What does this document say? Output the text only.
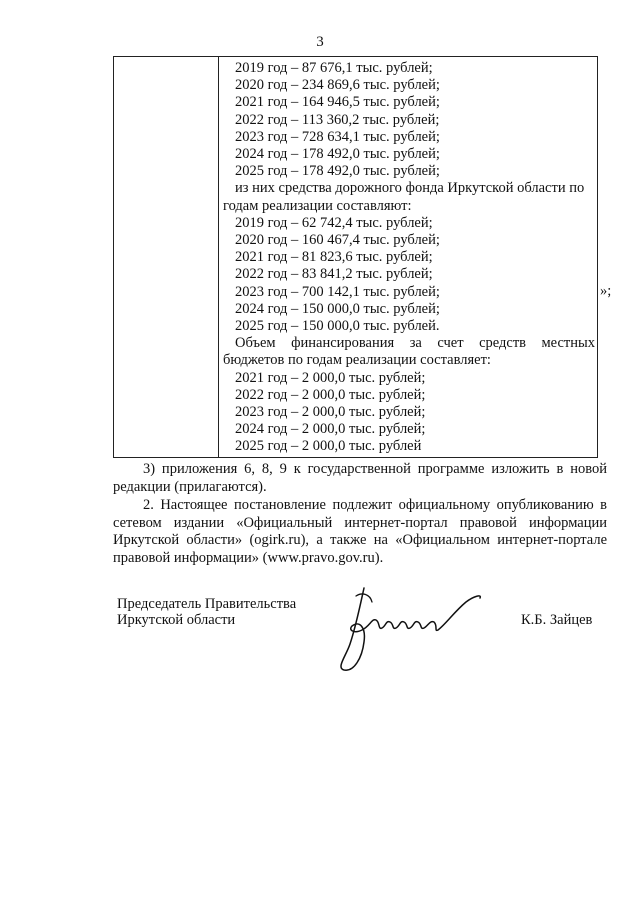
3
2019 год – 87 676,1 тыс. рублей;
2020 год – 234 869,6 тыс. рублей;
2021 год – 164 946,5 тыс. рублей;
2022 год – 113 360,2 тыс. рублей;
2023 год – 728 634,1 тыс. рублей;
2024 год – 178 492,0 тыс. рублей;
2025 год – 178 492,0 тыс. рублей;
из них средства дорожного фонда Иркутской области по
годам реализации составляют:
2019 год – 62 742,4 тыс. рублей;
2020 год – 160 467,4 тыс. рублей;
2021 год – 81 823,6 тыс. рублей;
2022 год – 83 841,2 тыс. рублей;
2023 год – 700 142,1 тыс. рублей;
2024 год – 150 000,0 тыс. рублей;
2025 год – 150 000,0 тыс. рублей.
Объем финансирования за счет средств местных
бюджетов по годам реализации составляет:
2021 год – 2 000,0 тыс. рублей;
2022 год – 2 000,0 тыс. рублей;
2023 год – 2 000,0 тыс. рублей;
2024 год – 2 000,0 тыс. рублей;
2025 год – 2 000,0 тыс. рублей
»;
3) приложения 6, 8, 9 к государственной программе изложить в новой редакции (прилагаются).
2. Настоящее постановление подлежит официальному опубликованию в сетевом издании «Официальный интернет-портал правовой информации Иркутской области» (ogirk.ru), а также на «Официальном интернет-портале правовой информации» (www.pravo.gov.ru).
Председатель Правительства
Иркутской области	К.Б. Зайцев
